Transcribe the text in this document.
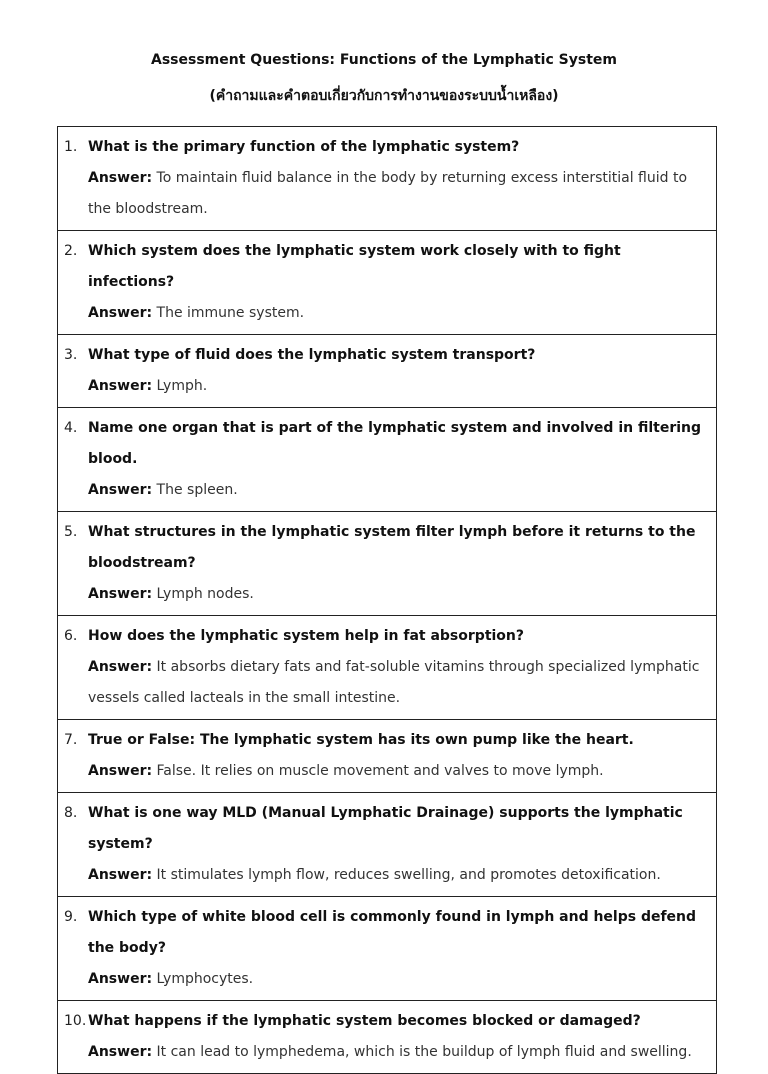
Assessment Questions: Functions of the Lymphatic System
(คำถามและคำตอบเกี่ยวกับการทำงานของระบบน้ำเหลือง)
1. What is the primary function of the lymphatic system?
Answer: To maintain fluid balance in the body by returning excess interstitial fluid to the bloodstream.

2. Which system does the lymphatic system work closely with to fight infections?
Answer: The immune system.

3. What type of fluid does the lymphatic system transport?
Answer: Lymph.

4. Name one organ that is part of the lymphatic system and involved in filtering blood.
Answer: The spleen.

5. What structures in the lymphatic system filter lymph before it returns to the bloodstream?
Answer: Lymph nodes.

6. How does the lymphatic system help in fat absorption?
Answer: It absorbs dietary fats and fat-soluble vitamins through specialized lymphatic vessels called lacteals in the small intestine.

7. True or False: The lymphatic system has its own pump like the heart.
Answer: False. It relies on muscle movement and valves to move lymph.

8. What is one way MLD (Manual Lymphatic Drainage) supports the lymphatic system?
Answer: It stimulates lymph flow, reduces swelling, and promotes detoxification.

9. Which type of white blood cell is commonly found in lymph and helps defend the body?
Answer: Lymphocytes.

10. What happens if the lymphatic system becomes blocked or damaged?
Answer: It can lead to lymphedema, which is the buildup of lymph fluid and swelling.
